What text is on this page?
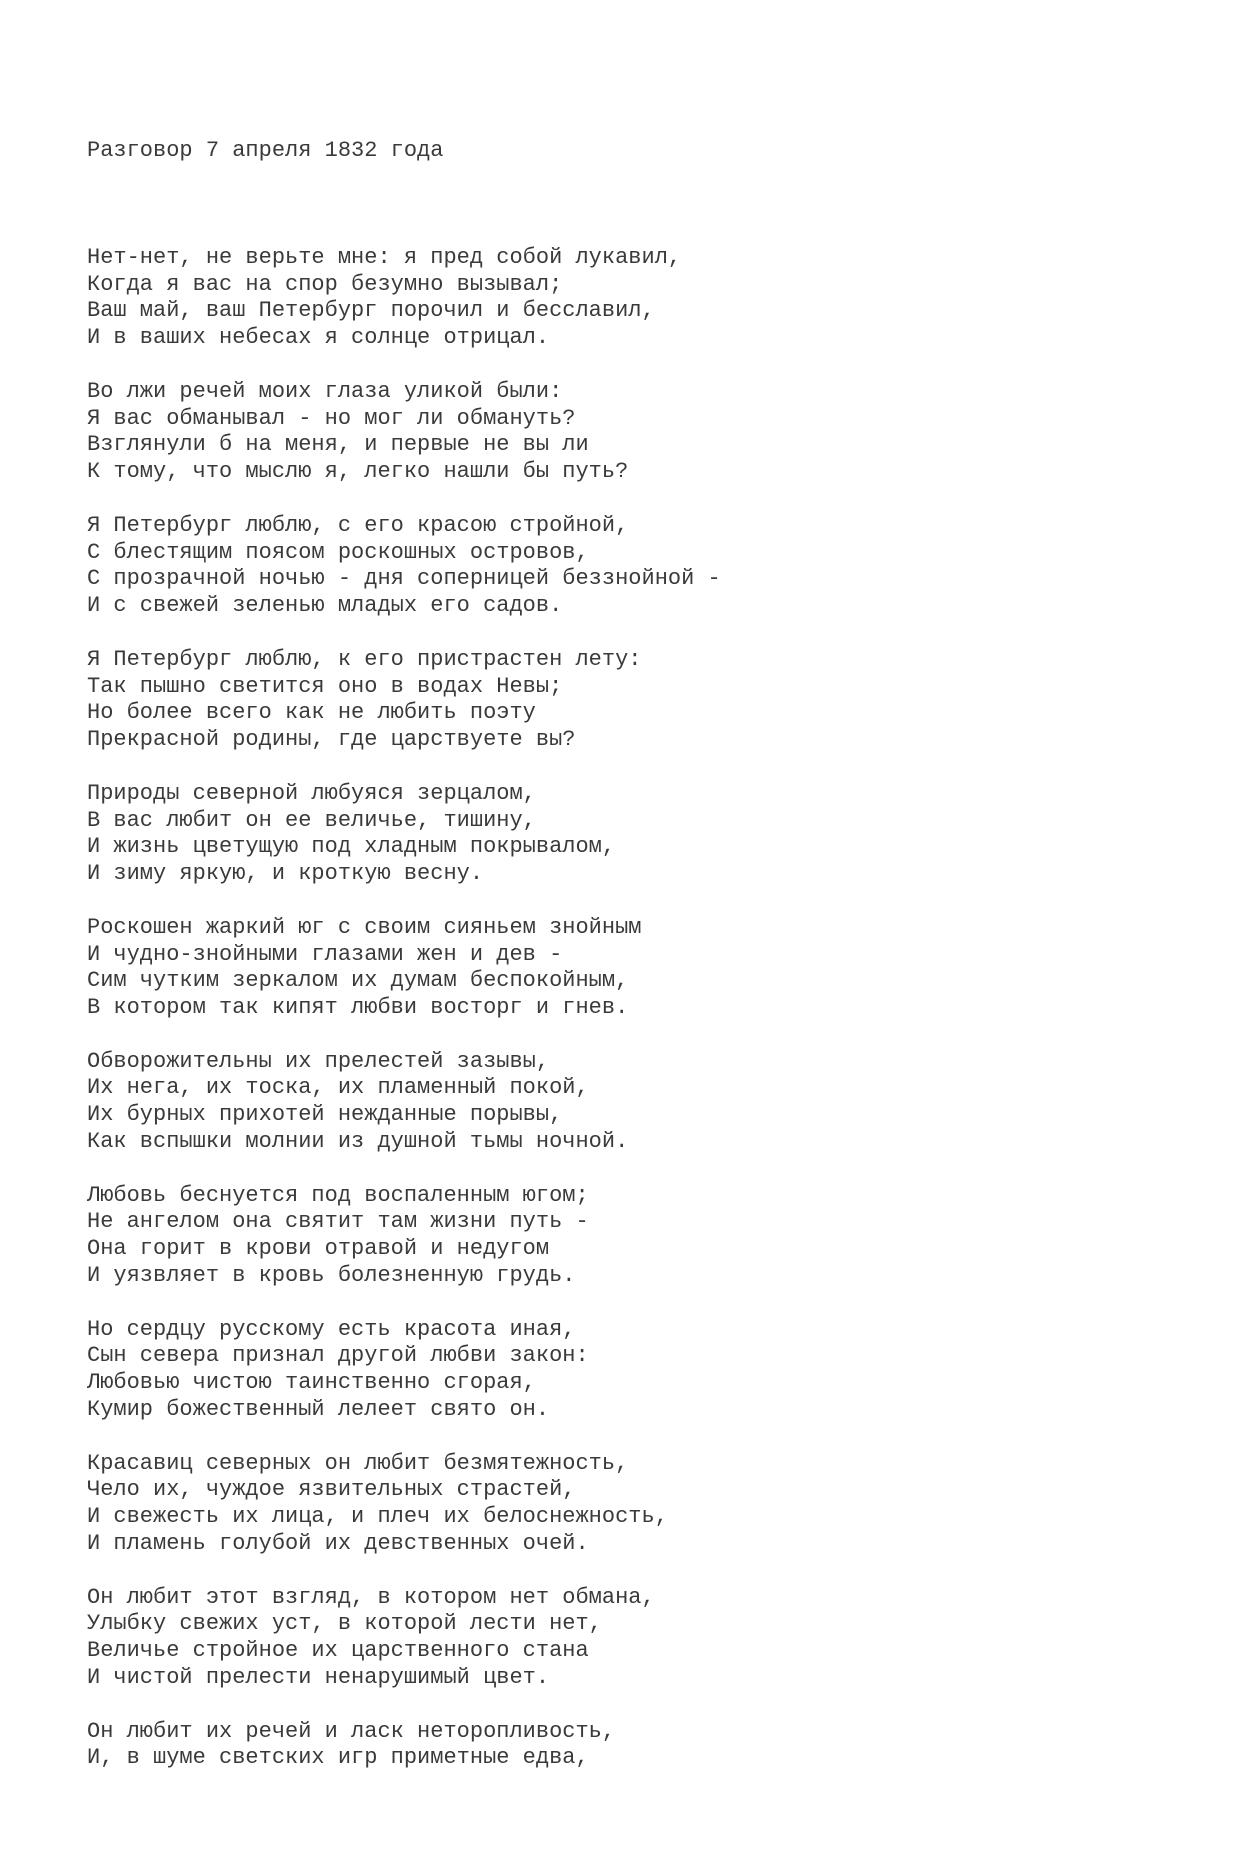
Разговор 7 апреля 1832 года

Нет-нет, не верьте мне: я пред собой лукавил,
Когда я вас на спор безумно вызывал;
Ваш май, ваш Петербург порочил и бесславил,
И в ваших небесах я солнце отрицал.
Во лжи речей моих глаза уликой были:
Я вас обманывал - но мог ли обмануть?
Взглянули б на меня, и первые не вы ли
К тому, что мыслю я, легко нашли бы путь?
Я Петербург люблю, с его красою стройной,
С блестящим поясом роскошных островов,
С прозрачной ночью - дня соперницей беззнойной -
И с свежей зеленью младых его садов.
Я Петербург люблю, к его пристрастен лету:
Так пышно светится оно в водах Невы;
Но более всего как не любить поэту
Прекрасной родины, где царствуете вы?
Природы северной любуяся зерцалом,
В вас любит он ее величье, тишину,
И жизнь цветущую под хладным покрывалом,
И зиму яркую, и кроткую весну.
Роскошен жаркий юг с своим сияньем знойным
И чудно-знойными глазами жен и дев -
Сим чутким зеркалом их думам беспокойным,
В котором так кипят любви восторг и гнев.
Обворожительны их прелестей зазывы,
Их нега, их тоска, их пламенный покой,
Их бурных прихотей нежданные порывы,
Как вспышки молнии из душной тьмы ночной.
Любовь беснуется под воспаленным югом;
Не ангелом она святит там жизни путь -
Она горит в крови отравой и недугом
И уязвляет в кровь болезненную грудь.
Но сердцу русскому есть красота иная,
Сын севера признал другой любви закон:
Любовью чистою таинственно сгорая,
Кумир божественный лелеет свято он.
Красавиц северных он любит безмятежность,
Чело их, чуждое язвительных страстей,
И свежесть их лица, и плеч их белоснежность,
И пламень голубой их девственных очей.
Он любит этот взгляд, в котором нет обмана,
Улыбку свежих уст, в которой лести нет,
Величье стройное их царственного стана
И чистой прелести ненарушимый цвет.
Он любит их речей и ласк неторопливость,
И, в шуме светских игр приметные едва,
